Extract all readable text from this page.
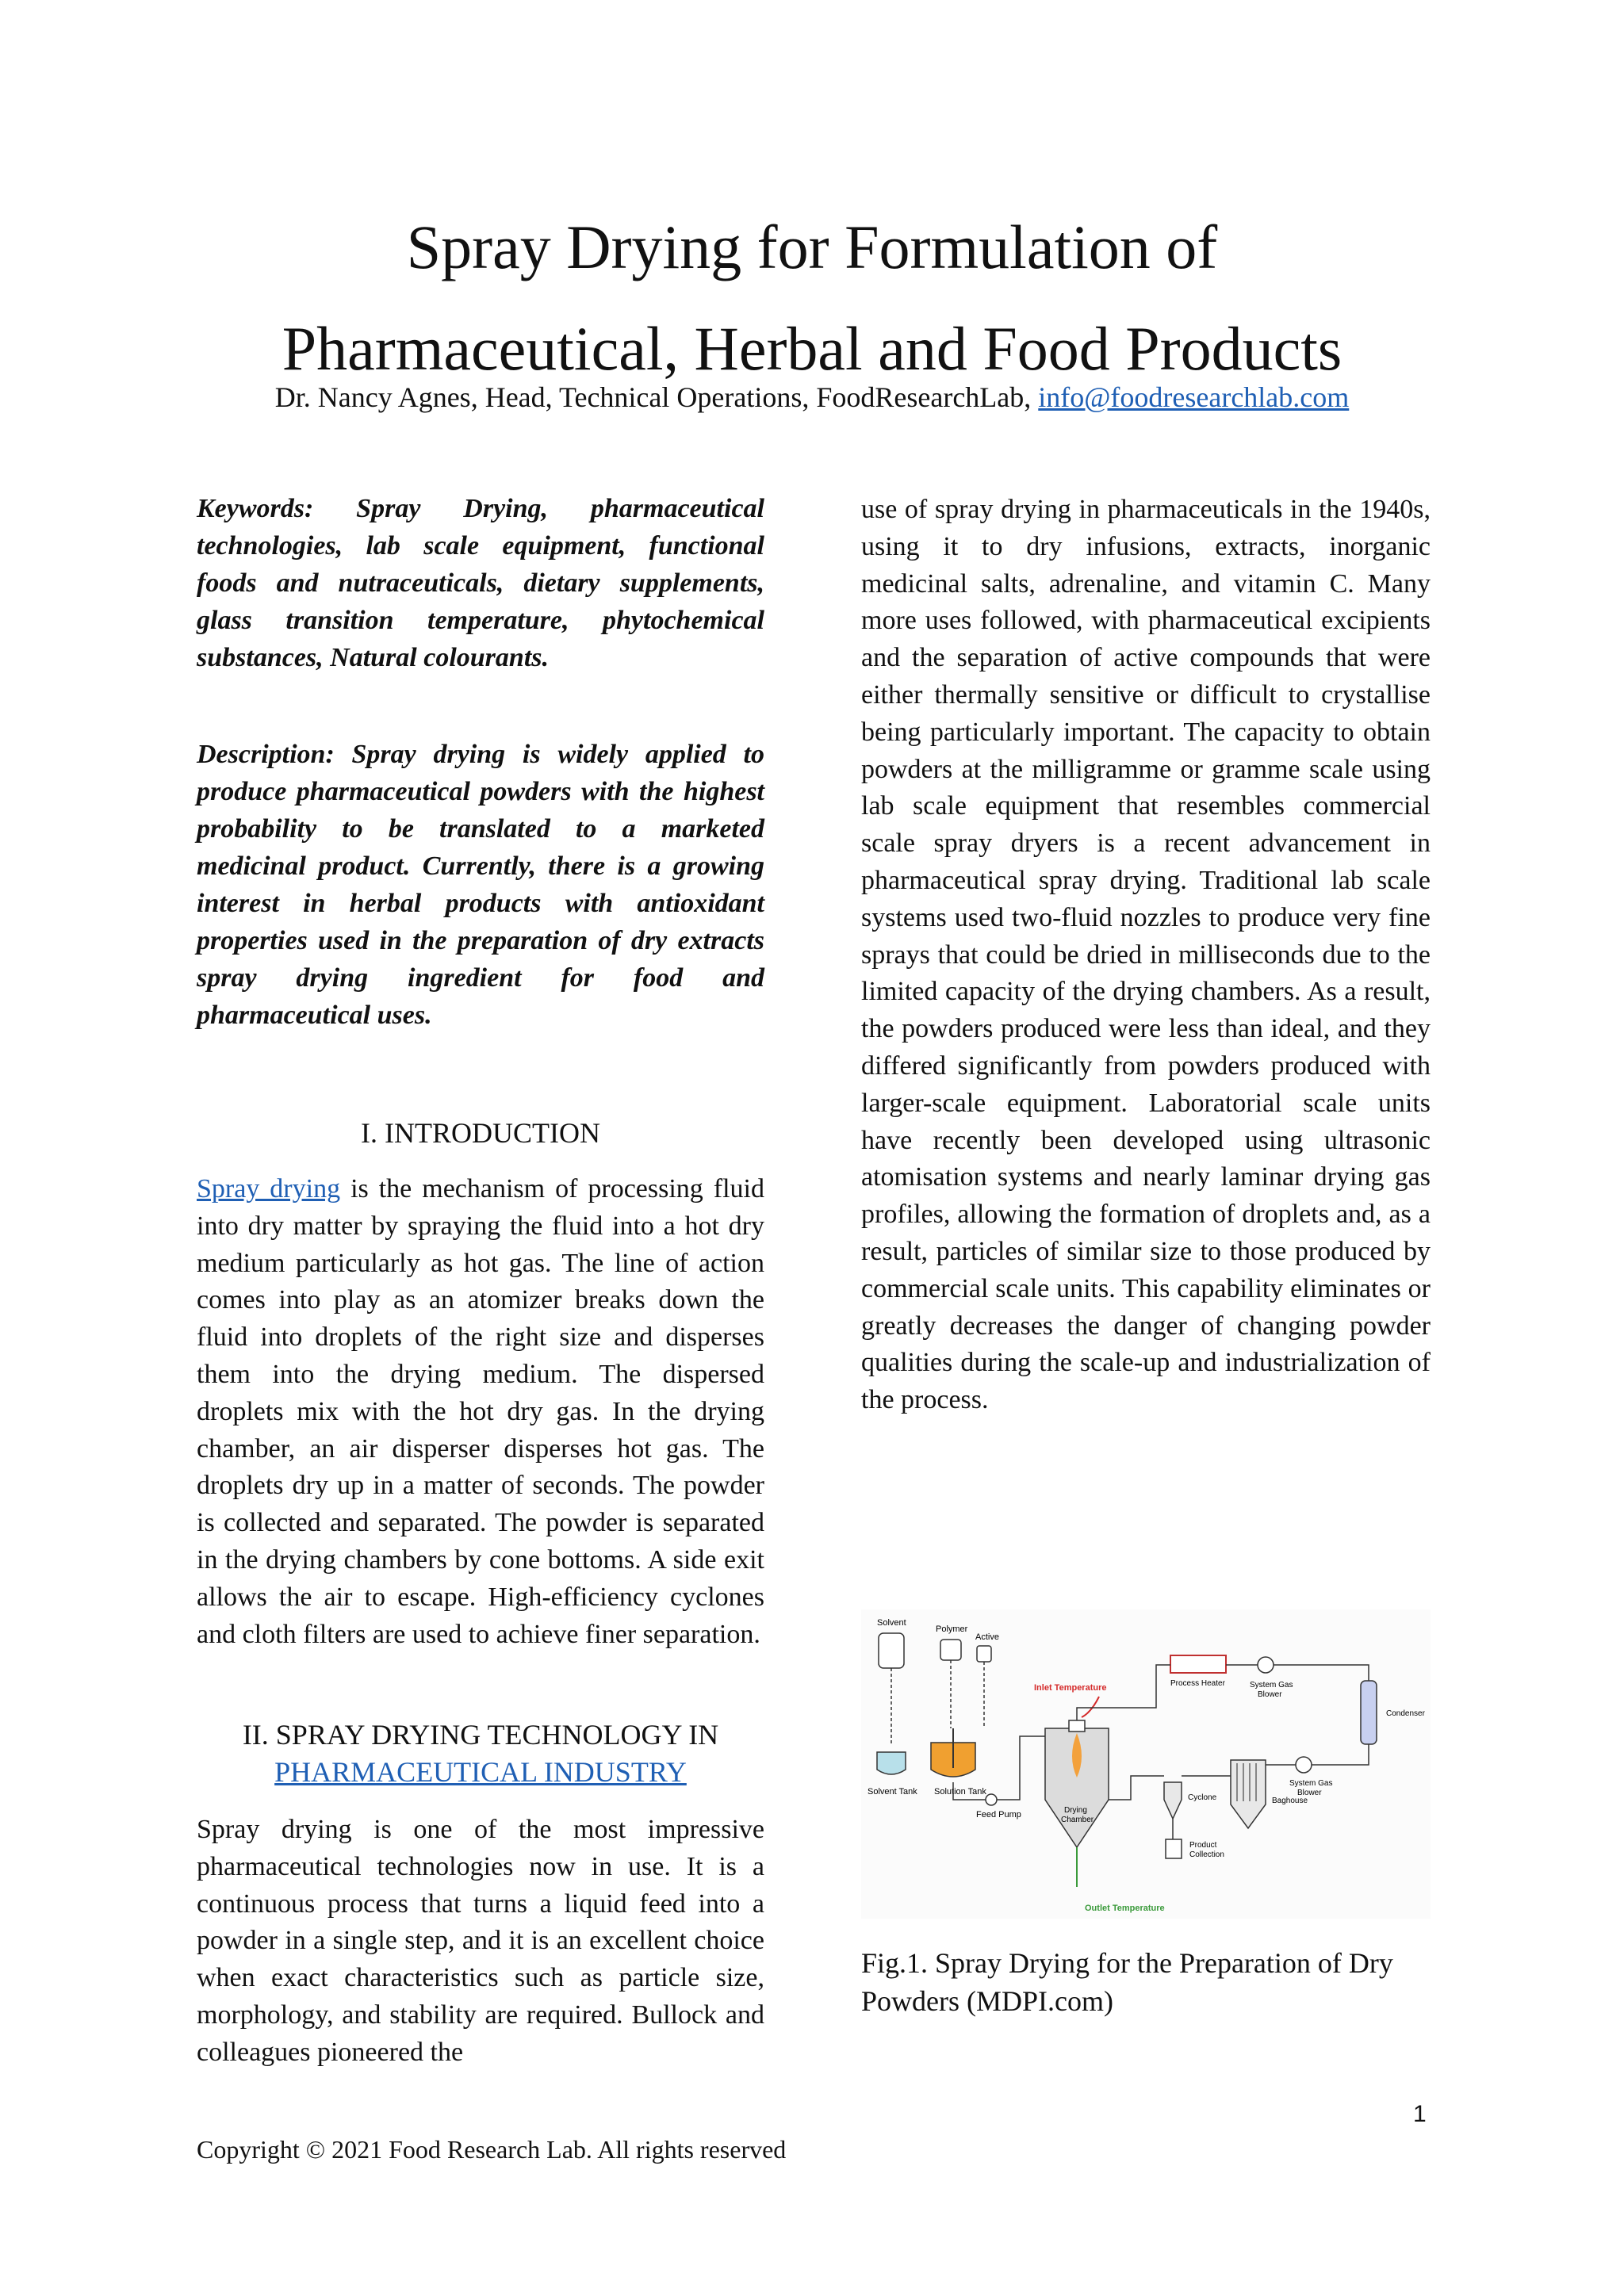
Spray Drying for Formulation of
Pharmaceutical, Herbal and Food Products
Dr. Nancy Agnes, Head, Technical Operations, FoodResearchLab, info@foodresearchlab.com
Keywords: Spray Drying, pharmaceutical technologies, lab scale equipment, functional foods and nutraceuticals, dietary supplements, glass transition temperature, phytochemical substances, Natural colourants.
Description: Spray drying is widely applied to produce pharmaceutical powders with the highest probability to be translated to a marketed medicinal product. Currently, there is a growing interest in herbal products with antioxidant properties used in the preparation of dry extracts spray drying ingredient for food and pharmaceutical uses.
I. INTRODUCTION
Spray drying is the mechanism of processing fluid into dry matter by spraying the fluid into a hot dry medium particularly as hot gas. The line of action comes into play as an atomizer breaks down the fluid into droplets of the right size and disperses them into the drying medium. The dispersed droplets mix with the hot dry gas. In the drying chamber, an air disperser disperses hot gas. The droplets dry up in a matter of seconds. The powder is collected and separated. The powder is separated in the drying chambers by cone bottoms. A side exit allows the air to escape. High-efficiency cyclones and cloth filters are used to achieve finer separation.
II. SPRAY DRYING TECHNOLOGY IN
PHARMACEUTICAL INDUSTRY
Spray drying is one of the most impressive pharmaceutical technologies now in use. It is a continuous process that turns a liquid feed into a powder in a single step, and it is an excellent choice when exact characteristics such as particle size, morphology, and stability are required. Bullock and colleagues pioneered the
use of spray drying in pharmaceuticals in the 1940s, using it to dry infusions, extracts, inorganic medicinal salts, adrenaline, and vitamin C. Many more uses followed, with pharmaceutical excipients and the separation of active compounds that were either thermally sensitive or difficult to crystallise being particularly important. The capacity to obtain powders at the milligramme or gramme scale using lab scale equipment that resembles commercial scale spray dryers is a recent advancement in pharmaceutical spray drying. Traditional lab scale systems used two-fluid nozzles to produce very fine sprays that could be dried in milliseconds due to the limited capacity of the drying chambers. As a result, the powders produced were less than ideal, and they differed significantly from powders produced with larger-scale equipment. Laboratorial scale units have recently been developed using ultrasonic atomisation systems and nearly laminar drying gas profiles, allowing the formation of droplets and, as a result, particles of similar size to those produced by commercial scale units. This capability eliminates or greatly decreases the danger of changing powder qualities during the scale-up and industrialization of the process.
Solvent
Polymer
Active
Solvent Tank Solution Tank
Feed Pump	Drying
Chamber
Inlet Temperature
Outlet Temperature
Process Heater	System Gas
Blower
Condenser
System Gas
Blower
Baghouse
Cyclone
Product
Collection
Fig.1. Spray Drying for the Preparation of Dry Powders (MDPI.com)
1
Copyright © 2021 Food Research Lab. All rights reserved
